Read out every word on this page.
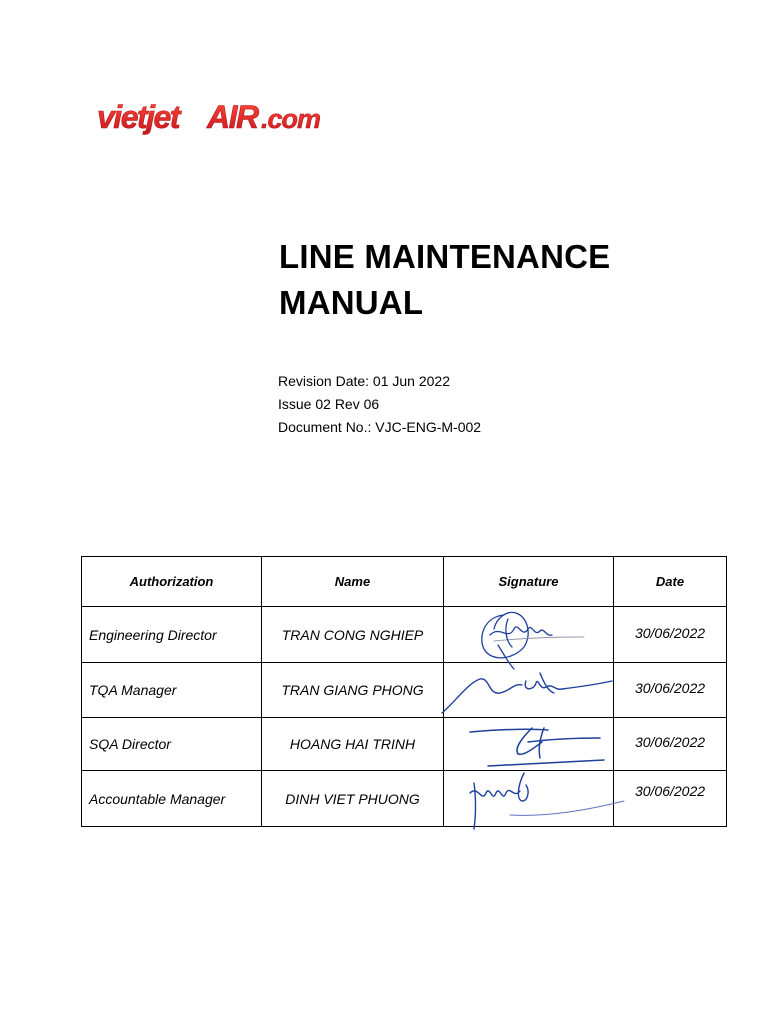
vietjet AIR .com
LINE MAINTENANCE
MANUAL
Revision Date: 01 Jun 2022
Issue 02 Rev 06
Document No.: VJC-ENG-M-002
Authorization	Name	Signature	Date
Engineering Director	TRAN CONG NGHIEP		30/06/2022
TQA Manager	TRAN GIANG PHONG		30/06/2022
SQA Director	HOANG HAI TRINH		30/06/2022
Accountable Manager	DINH VIET PHUONG		30/06/2022
